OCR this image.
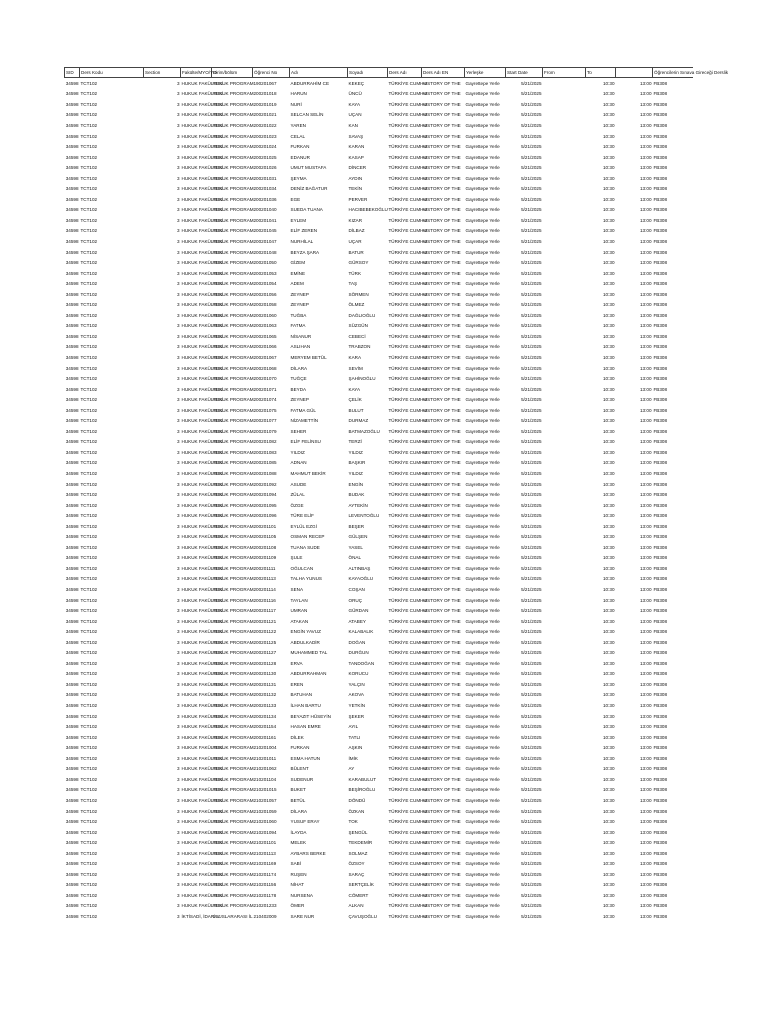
SID	Ders Kodu	Section	Fakülte/MYO/YO	Birim/bölüm	Öğrenci No	Adı	Soyadı	Ders Adı	Ders Adı EN	Yerleşke	Start Date	From	To		Öğrencilerin Sınava Gireceği Derslik
34598	TCT102	3	HUKUK FAKÜLTESİ	HUKUK PROGRAM	190201067	ABDURRAHİM CE	KEKEÇ	TÜRKİYE CUMHU	HISTORY OF THE	Gayrettepe Yerle	5/21/2025		10:30	13:00	FB308
34598	TCT102	3	HUKUK FAKÜLTESİ	HUKUK PROGRAM	200201018	HARUN	ÜNCÜ	TÜRKİYE CUMHU	HISTORY OF THE	Gayrettepe Yerle	5/21/2025		10:30	13:00	FB308
34598	TCT102	3	HUKUK FAKÜLTESİ	HUKUK PROGRAM	200201019	NURİ	KAYA	TÜRKİYE CUMHU	HISTORY OF THE	Gayrettepe Yerle	5/21/2025		10:30	13:00	FB308
34598	TCT102	3	HUKUK FAKÜLTESİ	HUKUK PROGRAM	200201021	SELCAN SELİN	UÇAN	TÜRKİYE CUMHU	HISTORY OF THE	Gayrettepe Yerle	5/21/2025		10:30	13:00	FB308
34598	TCT102	3	HUKUK FAKÜLTESİ	HUKUK PROGRAM	200201022	YAREN	KAN	TÜRKİYE CUMHU	HISTORY OF THE	Gayrettepe Yerle	5/21/2025		10:30	13:00	FB308
34598	TCT102	3	HUKUK FAKÜLTESİ	HUKUK PROGRAM	200201023	CELAL	SAVAŞ	TÜRKİYE CUMHU	HISTORY OF THE	Gayrettepe Yerle	5/21/2025		10:30	13:00	FB308
34598	TCT102	3	HUKUK FAKÜLTESİ	HUKUK PROGRAM	200201024	FURKAN	KARAN	TÜRKİYE CUMHU	HISTORY OF THE	Gayrettepe Yerle	5/21/2025		10:30	13:00	FB308
34598	TCT102	3	HUKUK FAKÜLTESİ	HUKUK PROGRAM	200201025	EDANUR	KASAP	TÜRKİYE CUMHU	HISTORY OF THE	Gayrettepe Yerle	5/21/2025		10:30	13:00	FB308
34598	TCT102	3	HUKUK FAKÜLTESİ	HUKUK PROGRAM	200201026	UMUT MUSTAFA	DİNCER	TÜRKİYE CUMHU	HISTORY OF THE	Gayrettepe Yerle	5/21/2025		10:30	13:00	FB308
34598	TCT102	3	HUKUK FAKÜLTESİ	HUKUK PROGRAM	200201031	ŞEYMA	AYDIN	TÜRKİYE CUMHU	HISTORY OF THE	Gayrettepe Yerle	5/21/2025		10:30	13:00	FB308
34598	TCT102	3	HUKUK FAKÜLTESİ	HUKUK PROGRAM	200201034	DENİZ BAĞATUR	TEKİN	TÜRKİYE CUMHU	HISTORY OF THE	Gayrettepe Yerle	5/21/2025		10:30	13:00	FB308
34598	TCT102	3	HUKUK FAKÜLTESİ	HUKUK PROGRAM	200201036	EGE	PERVER	TÜRKİYE CUMHU	HISTORY OF THE	Gayrettepe Yerle	5/21/2025		10:30	13:00	FB308
34598	TCT102	3	HUKUK FAKÜLTESİ	HUKUK PROGRAM	200201040	SUEDA TUANA	HACIBEBEKOĞLU	TÜRKİYE CUMHU	HISTORY OF THE	Gayrettepe Yerle	5/21/2025		10:30	13:00	FB308
34598	TCT102	3	HUKUK FAKÜLTESİ	HUKUK PROGRAM	200201041	EYLEM	KIZAR	TÜRKİYE CUMHU	HISTORY OF THE	Gayrettepe Yerle	5/21/2025		10:30	13:00	FB308
34598	TCT102	3	HUKUK FAKÜLTESİ	HUKUK PROGRAM	200201045	ELİF ZEREN	DİLBAZ	TÜRKİYE CUMHU	HISTORY OF THE	Gayrettepe Yerle	5/21/2025		10:30	13:00	FB308
34598	TCT102	3	HUKUK FAKÜLTESİ	HUKUK PROGRAM	200201047	NURHİLAL	UÇAR	TÜRKİYE CUMHU	HISTORY OF THE	Gayrettepe Yerle	5/21/2025		10:30	13:00	FB308
34598	TCT102	3	HUKUK FAKÜLTESİ	HUKUK PROGRAM	200201048	BEYZA ŞARA	BATUR	TÜRKİYE CUMHU	HISTORY OF THE	Gayrettepe Yerle	5/21/2025		10:30	13:00	FB308
34598	TCT102	3	HUKUK FAKÜLTESİ	HUKUK PROGRAM	200201050	GİZEM	GÜRSOY	TÜRKİYE CUMHU	HISTORY OF THE	Gayrettepe Yerle	5/21/2025		10:30	13:00	FB308
34598	TCT102	3	HUKUK FAKÜLTESİ	HUKUK PROGRAM	200201053	EMİNE	TÜRK	TÜRKİYE CUMHU	HISTORY OF THE	Gayrettepe Yerle	5/21/2025		10:30	13:00	FB308
34598	TCT102	3	HUKUK FAKÜLTESİ	HUKUK PROGRAM	200201054	ADEM	TAŞ	TÜRKİYE CUMHU	HISTORY OF THE	Gayrettepe Yerle	5/21/2025		10:30	13:00	FB308
34598	TCT102	3	HUKUK FAKÜLTESİ	HUKUK PROGRAM	200201056	ZEYNEP	SÖRMEN	TÜRKİYE CUMHU	HISTORY OF THE	Gayrettepe Yerle	5/21/2025		10:30	13:00	FB308
34598	TCT102	3	HUKUK FAKÜLTESİ	HUKUK PROGRAM	200201058	ZEYNEP	ÖLMEZ	TÜRKİYE CUMHU	HISTORY OF THE	Gayrettepe Yerle	5/21/2025		10:30	13:00	FB308
34598	TCT102	3	HUKUK FAKÜLTESİ	HUKUK PROGRAM	200201060	TUĞBA	DAĞLIOĞLU	TÜRKİYE CUMHU	HISTORY OF THE	Gayrettepe Yerle	5/21/2025		10:30	13:00	FB308
34598	TCT102	3	HUKUK FAKÜLTESİ	HUKUK PROGRAM	200201063	FATMA	SÜZGÜN	TÜRKİYE CUMHU	HISTORY OF THE	Gayrettepe Yerle	5/21/2025		10:30	13:00	FB308
34598	TCT102	3	HUKUK FAKÜLTESİ	HUKUK PROGRAM	200201065	NİSANUR	CEBECİ	TÜRKİYE CUMHU	HISTORY OF THE	Gayrettepe Yerle	5/21/2025		10:30	13:00	FB308
34598	TCT102	3	HUKUK FAKÜLTESİ	HUKUK PROGRAM	200201066	ASLIHAN	TRABZON	TÜRKİYE CUMHU	HISTORY OF THE	Gayrettepe Yerle	5/21/2025		10:30	13:00	FB308
34598	TCT102	3	HUKUK FAKÜLTESİ	HUKUK PROGRAM	200201067	MERYEM BETÜL	KARA	TÜRKİYE CUMHU	HISTORY OF THE	Gayrettepe Yerle	5/21/2025		10:30	13:00	FB308
34598	TCT102	3	HUKUK FAKÜLTESİ	HUKUK PROGRAM	200201068	DİLARA	SEVİM	TÜRKİYE CUMHU	HISTORY OF THE	Gayrettepe Yerle	5/21/2025		10:30	13:00	FB308
34598	TCT102	3	HUKUK FAKÜLTESİ	HUKUK PROGRAM	200201070	TUĞÇE	ŞAHİNOĞLU	TÜRKİYE CUMHU	HISTORY OF THE	Gayrettepe Yerle	5/21/2025		10:30	13:00	FB308
34598	TCT102	3	HUKUK FAKÜLTESİ	HUKUK PROGRAM	200201071	BEYDA	KAYA	TÜRKİYE CUMHU	HISTORY OF THE	Gayrettepe Yerle	5/21/2025		10:30	13:00	FB308
34598	TCT102	3	HUKUK FAKÜLTESİ	HUKUK PROGRAM	200201074	ZEYNEP	ÇELİK	TÜRKİYE CUMHU	HISTORY OF THE	Gayrettepe Yerle	5/21/2025		10:30	13:00	FB308
34598	TCT102	3	HUKUK FAKÜLTESİ	HUKUK PROGRAM	200201075	FATMA GÜL	BULUT	TÜRKİYE CUMHU	HISTORY OF THE	Gayrettepe Yerle	5/21/2025		10:30	13:00	FB308
34598	TCT102	3	HUKUK FAKÜLTESİ	HUKUK PROGRAM	200201077	NİZAMETTİN	DURMAZ	TÜRKİYE CUMHU	HISTORY OF THE	Gayrettepe Yerle	5/21/2025		10:30	13:00	FB308
34598	TCT102	3	HUKUK FAKÜLTESİ	HUKUK PROGRAM	200201079	SEHER	BATMAZOĞLU	TÜRKİYE CUMHU	HISTORY OF THE	Gayrettepe Yerle	5/21/2025		10:30	13:00	FB308
34598	TCT102	3	HUKUK FAKÜLTESİ	HUKUK PROGRAM	200201082	ELİF FELİNSU	TERZİ	TÜRKİYE CUMHU	HISTORY OF THE	Gayrettepe Yerle	5/21/2025		10:30	13:00	FB308
34598	TCT102	3	HUKUK FAKÜLTESİ	HUKUK PROGRAM	200201083	YILDIZ	YILDIZ	TÜRKİYE CUMHU	HISTORY OF THE	Gayrettepe Yerle	5/21/2025		10:30	13:00	FB308
34598	TCT102	3	HUKUK FAKÜLTESİ	HUKUK PROGRAM	200201085	ADNAN	BAŞKIR	TÜRKİYE CUMHU	HISTORY OF THE	Gayrettepe Yerle	5/21/2025		10:30	13:00	FB308
34598	TCT102	3	HUKUK FAKÜLTESİ	HUKUK PROGRAM	200201088	MAHMUT BEKİR	YILDIZ	TÜRKİYE CUMHU	HISTORY OF THE	Gayrettepe Yerle	5/21/2025		10:30	13:00	FB308
34598	TCT102	3	HUKUK FAKÜLTESİ	HUKUK PROGRAM	200201092	ASUDE	ENGİN	TÜRKİYE CUMHU	HISTORY OF THE	Gayrettepe Yerle	5/21/2025		10:30	13:00	FB308
34598	TCT102	3	HUKUK FAKÜLTESİ	HUKUK PROGRAM	200201094	ZÜLAL	BUDAK	TÜRKİYE CUMHU	HISTORY OF THE	Gayrettepe Yerle	5/21/2025		10:30	13:00	FB308
34598	TCT102	3	HUKUK FAKÜLTESİ	HUKUK PROGRAM	200201095	ÖZGE	AYTEKİN	TÜRKİYE CUMHU	HISTORY OF THE	Gayrettepe Yerle	5/21/2025		10:30	13:00	FB308
34598	TCT102	3	HUKUK FAKÜLTESİ	HUKUK PROGRAM	200201096	TÜRE ELİF	LEVENTOĞLU	TÜRKİYE CUMHU	HISTORY OF THE	Gayrettepe Yerle	5/21/2025		10:30	13:00	FB308
34598	TCT102	3	HUKUK FAKÜLTESİ	HUKUK PROGRAM	200201101	EYLÜL EZGİ	BEŞER	TÜRKİYE CUMHU	HISTORY OF THE	Gayrettepe Yerle	5/21/2025		10:30	13:00	FB308
34598	TCT102	3	HUKUK FAKÜLTESİ	HUKUK PROGRAM	200201105	OSMAN RECEP	GÜLŞEN	TÜRKİYE CUMHU	HISTORY OF THE	Gayrettepe Yerle	5/21/2025		10:30	13:00	FB308
34598	TCT102	3	HUKUK FAKÜLTESİ	HUKUK PROGRAM	200201108	TUANA SUDE	YASEL	TÜRKİYE CUMHU	HISTORY OF THE	Gayrettepe Yerle	5/21/2025		10:30	13:00	FB308
34598	TCT102	3	HUKUK FAKÜLTESİ	HUKUK PROGRAM	200201109	ŞULE	ÖNAL	TÜRKİYE CUMHU	HISTORY OF THE	Gayrettepe Yerle	5/21/2025		10:30	13:00	FB308
34598	TCT102	3	HUKUK FAKÜLTESİ	HUKUK PROGRAM	200201111	OĞULCAN	ALTINBAŞ	TÜRKİYE CUMHU	HISTORY OF THE	Gayrettepe Yerle	5/21/2025		10:30	13:00	FB308
34598	TCT102	3	HUKUK FAKÜLTESİ	HUKUK PROGRAM	200201113	TALHA YUNUS	KAYAOĞLU	TÜRKİYE CUMHU	HISTORY OF THE	Gayrettepe Yerle	5/21/2025		10:30	13:00	FB308
34598	TCT102	3	HUKUK FAKÜLTESİ	HUKUK PROGRAM	200201114	SENA	COŞAN	TÜRKİYE CUMHU	HISTORY OF THE	Gayrettepe Yerle	5/21/2025		10:30	13:00	FB308
34598	TCT102	3	HUKUK FAKÜLTESİ	HUKUK PROGRAM	200201116	TAYLAN	ORUÇ	TÜRKİYE CUMHU	HISTORY OF THE	Gayrettepe Yerle	5/21/2025		10:30	13:00	FB308
34598	TCT102	3	HUKUK FAKÜLTESİ	HUKUK PROGRAM	200201117	UMRAN	GÜRDAN	TÜRKİYE CUMHU	HISTORY OF THE	Gayrettepe Yerle	5/21/2025		10:30	13:00	FB308
34598	TCT102	3	HUKUK FAKÜLTESİ	HUKUK PROGRAM	200201121	ATAKAN	ATABEY	TÜRKİYE CUMHU	HISTORY OF THE	Gayrettepe Yerle	5/21/2025		10:30	13:00	FB308
34598	TCT102	3	HUKUK FAKÜLTESİ	HUKUK PROGRAM	200201122	ENGİN YAVUZ	KALABALIK	TÜRKİYE CUMHU	HISTORY OF THE	Gayrettepe Yerle	5/21/2025		10:30	13:00	FB308
34598	TCT102	3	HUKUK FAKÜLTESİ	HUKUK PROGRAM	200201125	ABDULKADİR	DOĞAN	TÜRKİYE CUMHU	HISTORY OF THE	Gayrettepe Yerle	5/21/2025		10:30	13:00	FB308
34598	TCT102	3	HUKUK FAKÜLTESİ	HUKUK PROGRAM	200201127	MUHAMMED TAL	DURĞUN	TÜRKİYE CUMHU	HISTORY OF THE	Gayrettepe Yerle	5/21/2025		10:30	13:00	FB308
34598	TCT102	3	HUKUK FAKÜLTESİ	HUKUK PROGRAM	200201128	ERVA	TANDOĞAN	TÜRKİYE CUMHU	HISTORY OF THE	Gayrettepe Yerle	5/21/2025		10:30	13:00	FB308
34598	TCT102	3	HUKUK FAKÜLTESİ	HUKUK PROGRAM	200201130	ABDURRAHMAN	KORUCU	TÜRKİYE CUMHU	HISTORY OF THE	Gayrettepe Yerle	5/21/2025		10:30	13:00	FB308
34598	TCT102	3	HUKUK FAKÜLTESİ	HUKUK PROGRAM	200201131	EREN	YALÇIN	TÜRKİYE CUMHU	HISTORY OF THE	Gayrettepe Yerle	5/21/2025		10:30	13:00	FB308
34598	TCT102	3	HUKUK FAKÜLTESİ	HUKUK PROGRAM	200201132	BATUHAN	AKOVA	TÜRKİYE CUMHU	HISTORY OF THE	Gayrettepe Yerle	5/21/2025		10:30	13:00	FB308
34598	TCT102	3	HUKUK FAKÜLTESİ	HUKUK PROGRAM	200201133	İLHAN BARTU	YETKİN	TÜRKİYE CUMHU	HISTORY OF THE	Gayrettepe Yerle	5/21/2025		10:30	13:00	FB308
34598	TCT102	3	HUKUK FAKÜLTESİ	HUKUK PROGRAM	200201134	BEYAZIT HÜSEYİN	ŞEKER	TÜRKİYE CUMHU	HISTORY OF THE	Gayrettepe Yerle	5/21/2025		10:30	13:00	FB308
34598	TCT102	3	HUKUK FAKÜLTESİ	HUKUK PROGRAM	200201154	HASAN EMRE	AYIL	TÜRKİYE CUMHU	HISTORY OF THE	Gayrettepe Yerle	5/21/2025		10:30	13:00	FB308
34598	TCT102	3	HUKUK FAKÜLTESİ	HUKUK PROGRAM	200201161	DİLEK	TATLI	TÜRKİYE CUMHU	HISTORY OF THE	Gayrettepe Yerle	5/21/2025		10:30	13:00	FB308
34598	TCT102	3	HUKUK FAKÜLTESİ	HUKUK PROGRAM	210201004	FURKAN	AŞKIN	TÜRKİYE CUMHU	HISTORY OF THE	Gayrettepe Yerle	5/21/2025		10:30	13:00	FB308
34598	TCT102	3	HUKUK FAKÜLTESİ	HUKUK PROGRAM	210201011	ESMA HATUN	İMİK	TÜRKİYE CUMHU	HISTORY OF THE	Gayrettepe Yerle	5/21/2025		10:30	13:00	FB308
34598	TCT102	3	HUKUK FAKÜLTESİ	HUKUK PROGRAM	210201062	BÜLENT	AY	TÜRKİYE CUMHU	HISTORY OF THE	Gayrettepe Yerle	5/21/2025		10:30	13:00	FB308
34598	TCT102	3	HUKUK FAKÜLTESİ	HUKUK PROGRAM	210201104	SUDENUR	KARABULUT	TÜRKİYE CUMHU	HISTORY OF THE	Gayrettepe Yerle	5/21/2025		10:30	13:00	FB308
34598	TCT102	3	HUKUK FAKÜLTESİ	HUKUK PROGRAM	210201015	BUKET	BEŞİROĞLU	TÜRKİYE CUMHU	HISTORY OF THE	Gayrettepe Yerle	5/21/2025		10:30	13:00	FB308
34598	TCT102	3	HUKUK FAKÜLTESİ	HUKUK PROGRAM	210201057	BETÜL	DÖNDÜ	TÜRKİYE CUMHU	HISTORY OF THE	Gayrettepe Yerle	5/21/2025		10:30	13:00	FB308
34598	TCT102	3	HUKUK FAKÜLTESİ	HUKUK PROGRAM	210201059	DİLARA	ÖZKAN	TÜRKİYE CUMHU	HISTORY OF THE	Gayrettepe Yerle	5/21/2025		10:30	13:00	FB308
34598	TCT102	3	HUKUK FAKÜLTESİ	HUKUK PROGRAM	210201060	YUSUF ERAY	TOK	TÜRKİYE CUMHU	HISTORY OF THE	Gayrettepe Yerle	5/21/2025		10:30	13:00	FB308
34598	TCT102	3	HUKUK FAKÜLTESİ	HUKUK PROGRAM	210201094	İLAYDA	ŞENGÜL	TÜRKİYE CUMHU	HISTORY OF THE	Gayrettepe Yerle	5/21/2025		10:30	13:00	FB308
34598	TCT102	3	HUKUK FAKÜLTESİ	HUKUK PROGRAM	210201101	MELEK	TEKDEMİR	TÜRKİYE CUMHU	HISTORY OF THE	Gayrettepe Yerle	5/21/2025		10:30	13:00	FB308
34598	TCT102	3	HUKUK FAKÜLTESİ	HUKUK PROGRAM	210201113	AYBARS BERKE	SOLMAZ	TÜRKİYE CUMHU	HISTORY OF THE	Gayrettepe Yerle	5/21/2025		10:30	13:00	FB308
34598	TCT102	3	HUKUK FAKÜLTESİ	HUKUK PROGRAM	210201169	SABİ	ÖZSOY	TÜRKİYE CUMHU	HISTORY OF THE	Gayrettepe Yerle	5/21/2025		10:30	13:00	FB308
34598	TCT102	3	HUKUK FAKÜLTESİ	HUKUK PROGRAM	210201174	RUŞEN	SARAÇ	TÜRKİYE CUMHU	HISTORY OF THE	Gayrettepe Yerle	5/21/2025		10:30	13:00	FB308
34598	TCT102	3	HUKUK FAKÜLTESİ	HUKUK PROGRAM	210201156	NİHAT	SERTÇELİK	TÜRKİYE CUMHU	HISTORY OF THE	Gayrettepe Yerle	5/21/2025		10:30	13:00	FB308
34598	TCT102	3	HUKUK FAKÜLTESİ	HUKUK PROGRAM	210201178	NURSENA	CÖMERT	TÜRKİYE CUMHU	HISTORY OF THE	Gayrettepe Yerle	5/21/2025		10:30	13:00	FB308
34598	TCT102	3	HUKUK FAKÜLTESİ	HUKUK PROGRAM	210201233	ÖMER	ALKAN	TÜRKİYE CUMHU	HISTORY OF THE	Gayrettepe Yerle	5/21/2025		10:30	13:00	FB308
34598	TCT102	3	İKTİSADİ, İDARİ V	ULUSLARARASI İL	210402009	SARE NUR	ÇAVUŞOĞLU	TÜRKİYE CUMHU	HISTORY OF THE	Gayrettepe Yerle	5/21/2025		10:30	13:00	FB308
